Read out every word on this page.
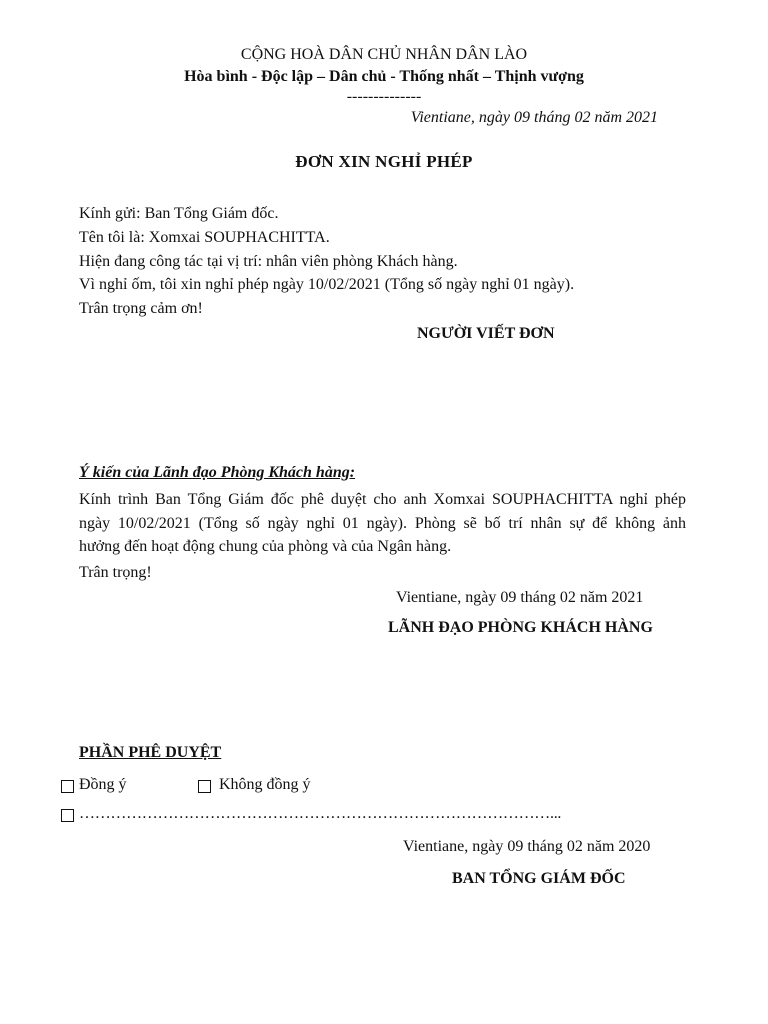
CỘNG HOÀ DÂN CHỦ NHÂN DÂN LÀO
Hòa bình - Độc lập – Dân chủ - Thống nhất – Thịnh vượng
--------------
Vientiane, ngày 09 tháng 02 năm 2021
ĐƠN XIN NGHỈ PHÉP
Kính gửi: Ban Tổng Giám đốc.
Tên tôi là: Xomxai SOUPHACHITTA.
Hiện đang công tác tại vị trí: nhân viên phòng Khách hàng.
Vì nghỉ ốm, tôi xin nghỉ phép ngày 10/02/2021 (Tổng số ngày nghỉ 01 ngày).
Trân trọng cảm ơn!
NGƯỜI VIẾT ĐƠN
Ý kiến của Lãnh đạo Phòng Khách hàng:
Kính trình Ban Tổng Giám đốc phê duyệt cho anh Xomxai SOUPHACHITTA nghỉ phép
ngày 10/02/2021 (Tổng số ngày nghỉ 01 ngày). Phòng sẽ bố trí nhân sự để không ảnh
hưởng đến hoạt động chung của phòng và của Ngân hàng.
Trân trọng!
Vientiane, ngày 09 tháng 02 năm 2021
LÃNH ĐẠO PHÒNG KHÁCH HÀNG
PHẦN PHÊ DUYỆT
Đồng ý	Không đồng ý
………………………………………………………………………………...
Vientiane, ngày 09 tháng 02 năm 2020
BAN TỔNG GIÁM ĐỐC
